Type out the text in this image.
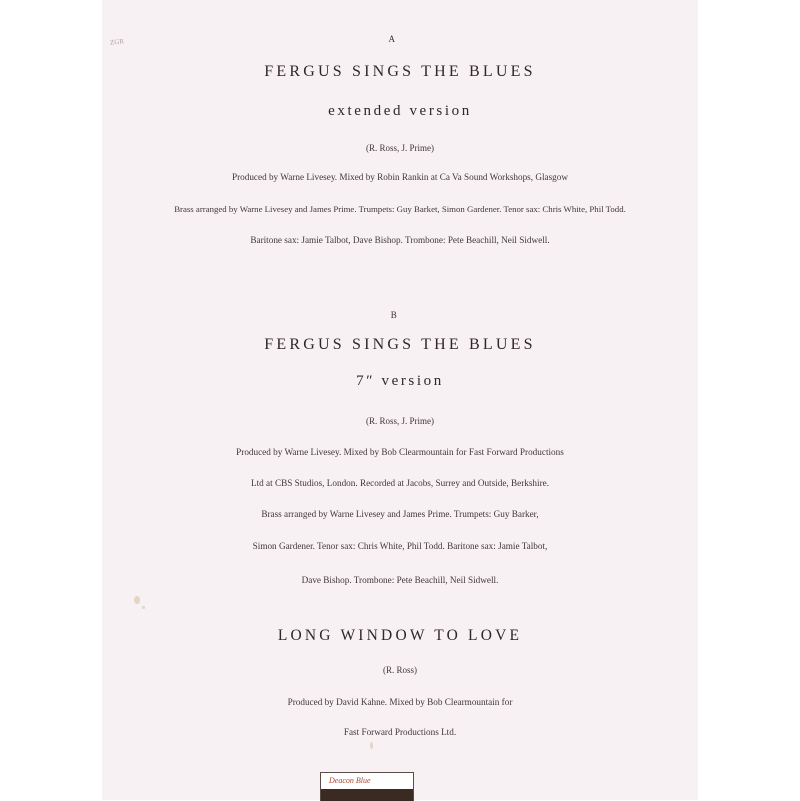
ZGR	A
FERGUS SINGS THE BLUES
extended version
(R. Ross, J. Prime)
Produced by Warne Livesey. Mixed by Robin Rankin at Ca Va Sound Workshops, Glasgow
Brass arranged by Warne Livesey and James Prime. Trumpets: Guy Barket, Simon Gardener. Tenor sax: Chris White, Phil Todd.
Baritone sax: Jamie Talbot, Dave Bishop. Trombone: Pete Beachill, Neil Sidwell.
B
FERGUS SINGS THE BLUES
7″ version
(R. Ross, J. Prime)
Produced by Warne Livesey. Mixed by Bob Clearmountain for Fast Forward Productions
Ltd at CBS Studios, London. Recorded at Jacobs, Surrey and Outside, Berkshire.
Brass arranged by Warne Livesey and James Prime. Trumpets: Guy Barker,
Simon Gardener. Tenor sax: Chris White, Phil Todd. Baritone sax: Jamie Talbot,
Dave Bishop. Trombone: Pete Beachill, Neil Sidwell.
LONG WINDOW TO LOVE
(R. Ross)
Produced by David Kahne. Mixed by Bob Clearmountain for
Fast Forward Productions Ltd.
Deacon Blue
